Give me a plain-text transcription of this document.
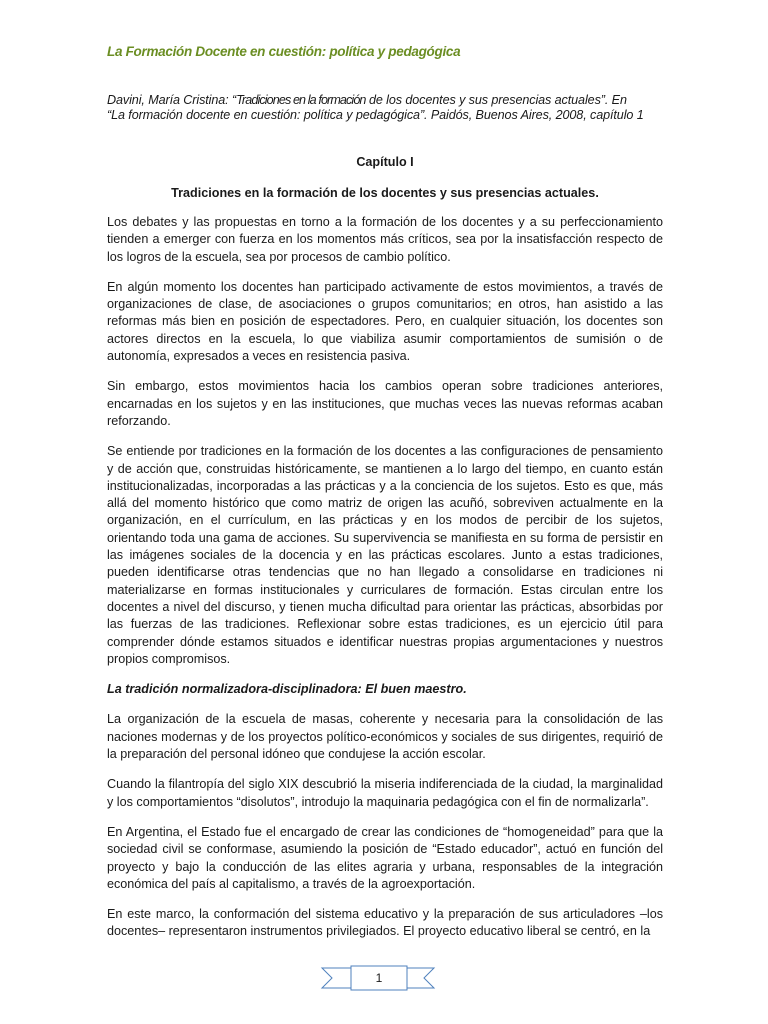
La Formación Docente en cuestión: política y pedagógica
Davini, María Cristina: “Tradiciones en la formación de los docentes y sus presencias actuales”. En
“La formación docente en cuestión: política y pedagógica”. Paidós, Buenos Aires, 2008, capítulo 1
Capítulo I
Tradiciones en la formación de los docentes y sus presencias actuales.

Los debates y las propuestas en torno a la formación de los docentes y a su perfeccionamiento tienden a emerger con fuerza en los momentos más críticos, sea por la insatisfacción respecto de los logros de la escuela, sea por procesos de cambio político.

En algún momento los docentes han participado activamente de estos movimientos, a través de organizaciones de clase, de asociaciones o grupos comunitarios; en otros, han asistido a las reformas más bien en posición de espectadores. Pero, en cualquier situación, los docentes son actores directos en la escuela, lo que viabiliza asumir comportamientos de sumisión o de autonomía, expresados a veces en resistencia pasiva.

Sin embargo, estos movimientos hacia los cambios operan sobre tradiciones anteriores, encarnadas en los sujetos y en las instituciones, que muchas veces las nuevas reformas acaban reforzando.

Se entiende por tradiciones en la formación de los docentes a las configuraciones de pensamiento y de acción que, construidas históricamente, se mantienen a lo largo del tiempo, en cuanto están institucionalizadas, incorporadas a las prácticas y a la conciencia de los sujetos. Esto es que, más allá del momento histórico que como matriz de origen las acuñó, sobreviven actualmente en la organización, en el currículum, en las prácticas y en los modos de percibir de los sujetos, orientando toda una gama de acciones. Su supervivencia se manifiesta en su forma de persistir en las imágenes sociales de la docencia y en las prácticas escolares. Junto a estas tradiciones, pueden identificarse otras tendencias que no han llegado a consolidarse en tradiciones ni materializarse en formas institucionales y curriculares de formación. Estas circulan entre los docentes a nivel del discurso, y tienen mucha dificultad para orientar las prácticas, absorbidas por las fuerzas de las tradiciones. Reflexionar sobre estas tradiciones, es un ejercicio útil para comprender dónde estamos situados e identificar nuestras propias argumentaciones y nuestros propios compromisos.

La tradición normalizadora-disciplinadora: El buen maestro.

La organización de la escuela de masas, coherente y necesaria para la consolidación de las naciones modernas y de los proyectos político-económicos y sociales de sus dirigentes, requirió de la preparación del personal idóneo que condujese la acción escolar.

Cuando la filantropía del siglo XIX descubrió la miseria indiferenciada de la ciudad, la marginalidad y los comportamientos “disolutos”, introdujo la maquinaria pedagógica con el fin de normalizarla”.

En Argentina, el Estado fue el encargado de crear las condiciones de “homogeneidad” para que la sociedad civil se conformase, asumiendo la posición de “Estado educador”, actuó en función del proyecto y bajo la conducción de las elites agraria y urbana, responsables de la integración económica del país al capitalismo, a través de la agroexportación.

En este marco, la conformación del sistema educativo y la preparación de sus articuladores –los docentes– representaron instrumentos privilegiados. El proyecto educativo liberal se centró, en la

1
